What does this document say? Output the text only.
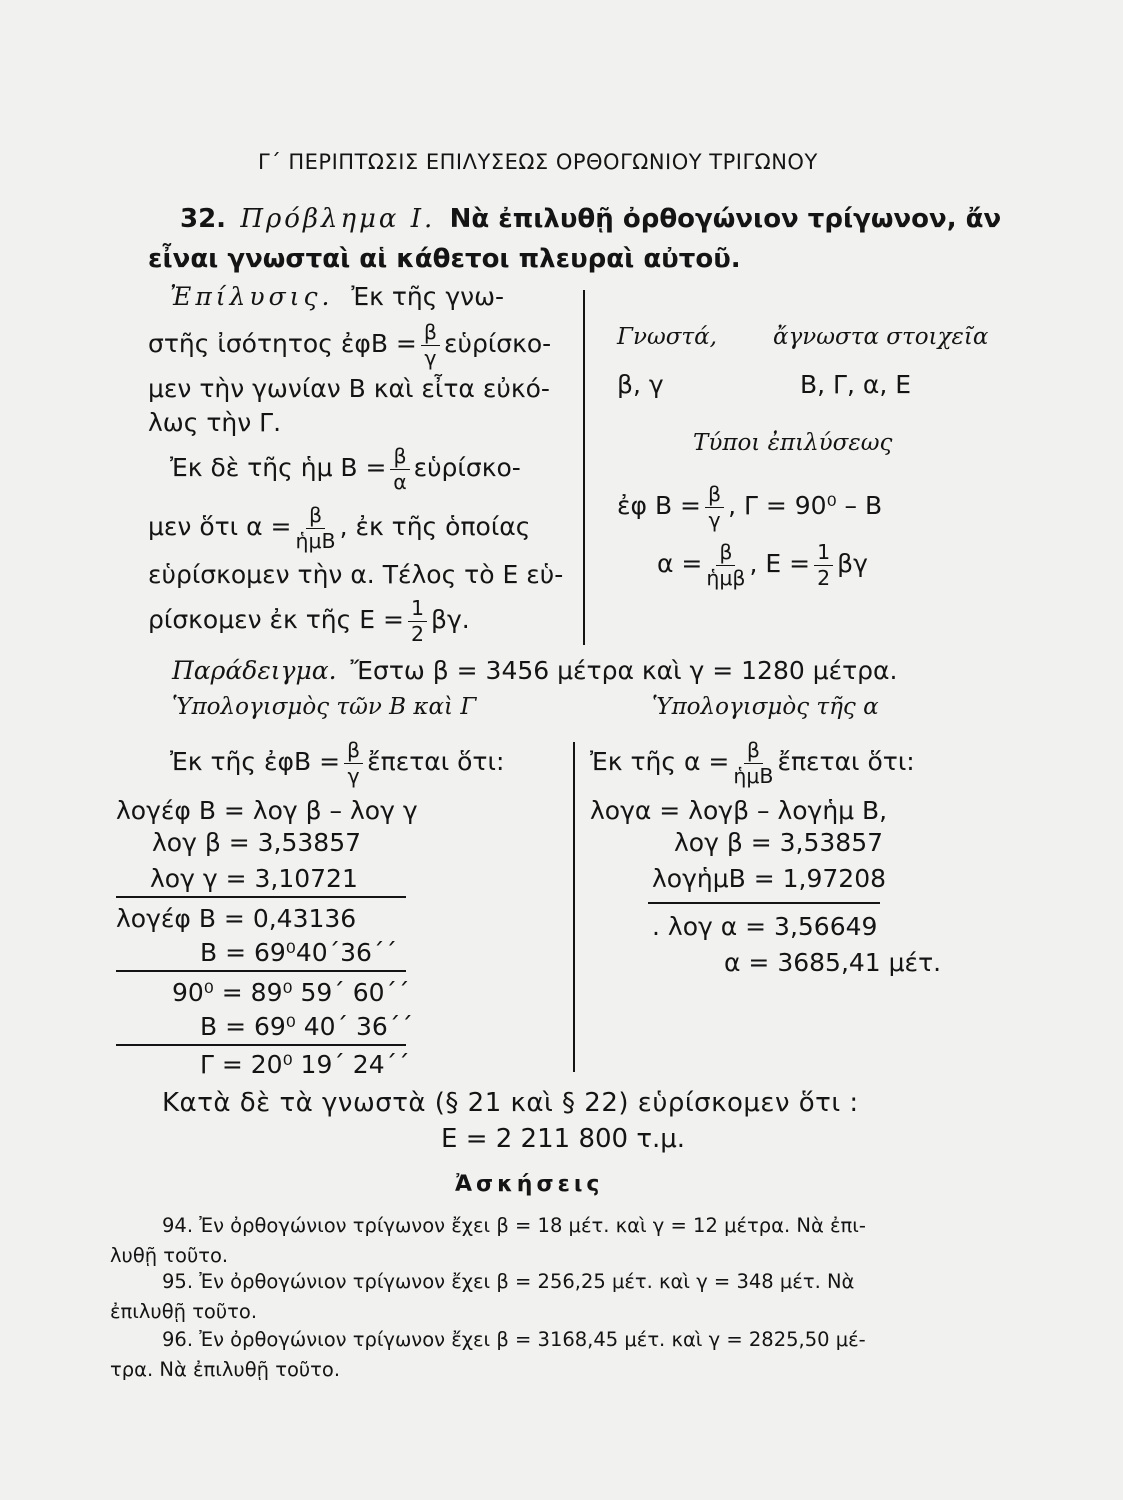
Γ΄ ΠΕΡΙΠΤΩΣΙΣ ΕΠΙΛΥΣΕΩΣ ΟΡΘΟΓΩΝΙΟΥ ΤΡΙΓΩΝΟΥ
32. Πρόβλημα Ι. Νὰ ἐπιλυθῇ ὀρθογώνιον τρίγωνον, ἄν
εἶναι γνωσταὶ αἱ κάθετοι πλευραὶ αὐτοῦ.
Ἐπίλυσις. Ἐκ τῆς γνω-
στῆς ἰσότητος ἐφΒ = $\frac{\beta}{\gamma}$ εὑρίσκο-
μεν τὴν γωνίαν Β καὶ εἶτα εὐκό-
λως τὴν Γ.
Ἐκ δὲ τῆς ἡμ $B = \frac{\beta}{\alpha}$ εὑρίσκο-
μεν ὅτι $\alpha = \frac{\beta}{\text{ἡμΒ}}$ , ἐκ τῆς ὁποίας
εὑρίσκομεν τὴν α. Τέλος τὸ Ε εὑ-
ρίσκομεν ἐκ τῆς $E = \frac{1}{2} \beta\gamma$.
Γνωστά, ἄγνωστα στοιχεῖα
β, γ	Β, Γ, α, Ε
Τύποι ἐπιλύσεως
ἐφ $B = \frac{\beta}{\gamma}$ , Γ = 90⁰ – Β
$\alpha = \frac{\beta}{\text{ἡμβ}}$ , $E = \frac{1}{2}$ βγ
Παράδειγμα. Ἔστω β = 3456 μέτρα καὶ γ = 1280 μέτρα.
Ὑπολογισμὸς τῶν Β καὶ Γ	Ὑπολογισμὸς τῆς α
Ἐκ τῆς ἐφΒ = $\frac{\beta}{\gamma}$ ἔπεται ὅτι:
λογέφ Β = λογ β – λογ γ
λογ β = 3,53857
λογ γ = 3,10721
λογέφ Β = 0,43136
Β = 69⁰40΄36΄΄
90⁰ = 89⁰ 59΄ 60΄΄
Β = 69⁰ 40΄ 36΄΄
Γ = 20⁰ 19΄ 24΄΄
Ἐκ τῆς $\alpha = \frac{\beta}{\text{ἡμΒ}}$ ἔπεται ὅτι:
λογα = λογβ – λογἡμ Β,
λογ β = 3,53857
λογἡμΒ = 1,97208
. λογ α = 3,56649
α = 3685,41 μέτ.
Κατὰ δὲ τὰ γνωστὰ (§ 21 καὶ § 22) εὑρίσκομεν ὅτι :
Ε = 2 211 800 τ.μ.
Ἀσκήσεις
94. Ἐν ὀρθογώνιον τρίγωνον ἔχει β = 18 μέτ. καὶ γ = 12 μέτρα. Νὰ ἐπι-
λυθῇ τοῦτο.
95. Ἐν ὀρθογώνιον τρίγωνον ἔχει β = 256,25 μέτ. καὶ γ = 348 μέτ. Νὰ
ἐπιλυθῇ τοῦτο.
96. Ἐν ὀρθογώνιον τρίγωνον ἔχει β = 3168,45 μέτ. καὶ γ = 2825,50 μέ-
τρα. Νὰ ἐπιλυθῇ τοῦτο.
